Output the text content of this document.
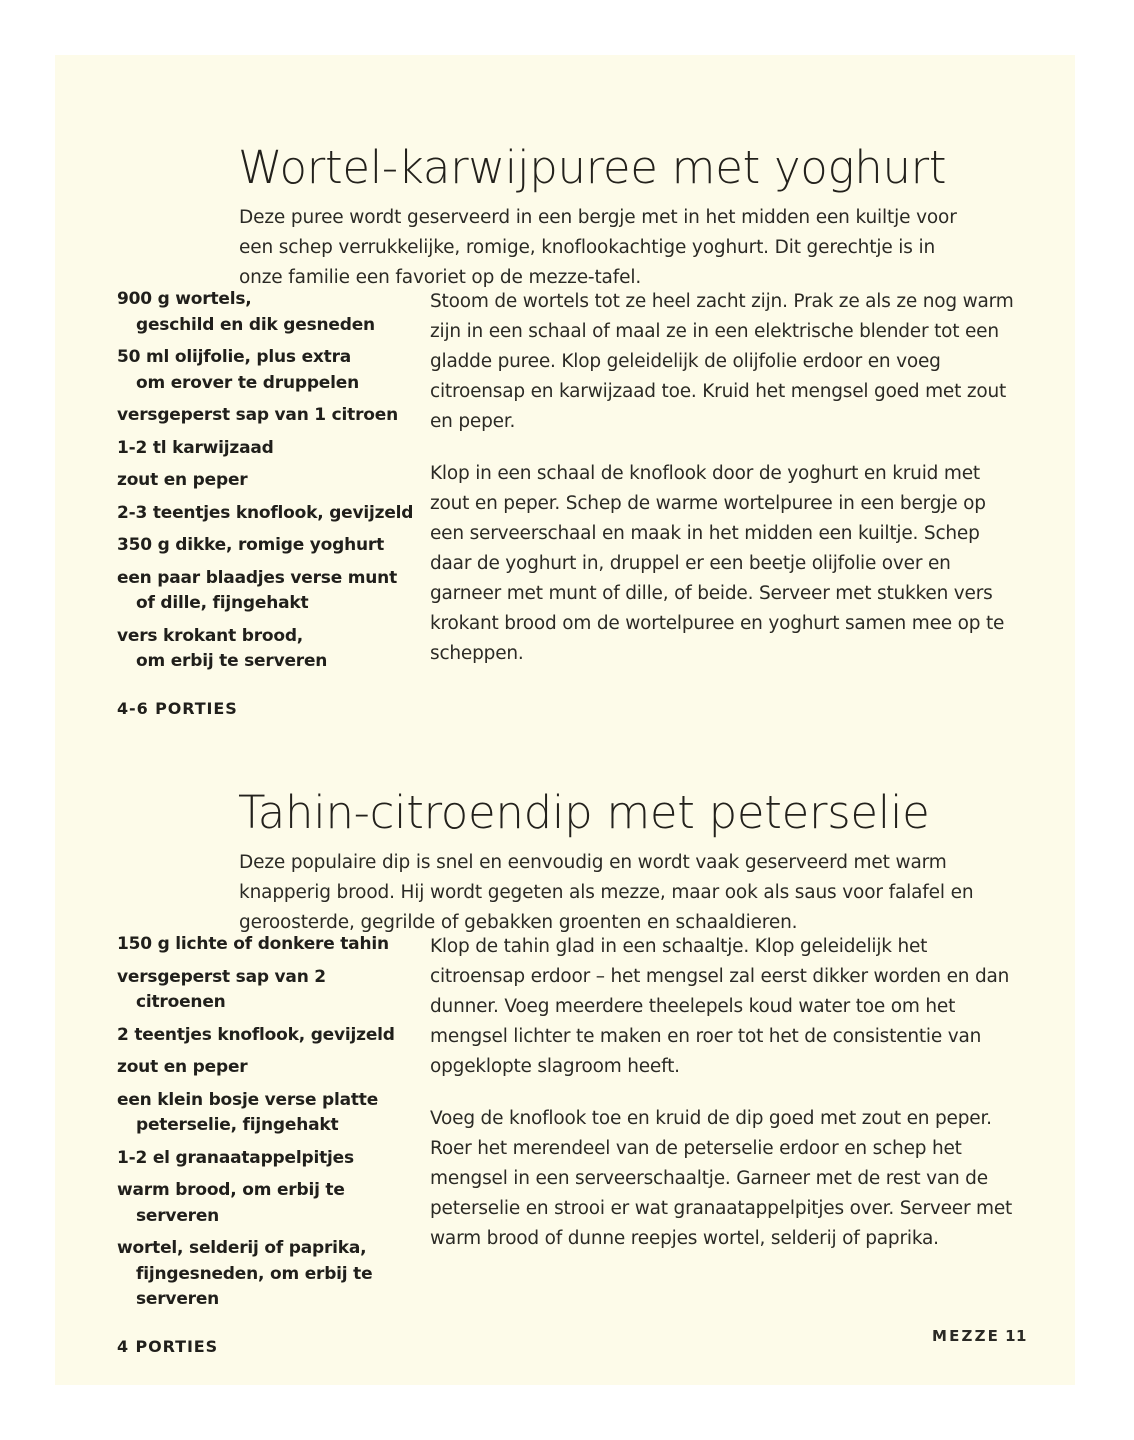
Wortel-karwijpuree met yoghurt

Deze puree wordt geserveerd in een bergje met in het midden een kuiltje voor een schep verrukkelijke, romige, knoflookachtige yoghurt. Dit gerechtje is in onze familie een favoriet op de mezze-tafel.

900 g wortels,
geschild en dik gesneden
50 ml olijfolie, plus extra
om erover te druppelen
versgeperst sap van 1 citroen
1-2 tl karwijzaad
zout en peper
2-3 teentjes knoflook, gevijzeld
350 g dikke, romige yoghurt
een paar blaadjes verse munt
of dille, fijngehakt
vers krokant brood,
om erbij te serveren
4-6 PORTIES

Stoom de wortels tot ze heel zacht zijn. Prak ze als ze nog warm zijn in een schaal of maal ze in een elektrische blender tot een gladde puree. Klop geleidelijk de olijfolie erdoor en voeg citroensap en karwijzaad toe. Kruid het mengsel goed met zout en peper.

Klop in een schaal de knoflook door de yoghurt en kruid met zout en peper. Schep de warme wortelpuree in een bergje op een serveerschaal en maak in het midden een kuiltje. Schep daar de yoghurt in, druppel er een beetje olijfolie over en garneer met munt of dille, of beide. Serveer met stukken vers krokant brood om de wortelpuree en yoghurt samen mee op te scheppen.

Tahin-citroendip met peterselie

Deze populaire dip is snel en eenvoudig en wordt vaak geserveerd met warm knapperig brood. Hij wordt gegeten als mezze, maar ook als saus voor falafel en geroosterde, gegrilde of gebakken groenten en schaaldieren.

150 g lichte of donkere tahin
versgeperst sap van 2 citroenen
2 teentjes knoflook, gevijzeld
zout en peper
een klein bosje verse platte
peterselie, fijngehakt
1-2 el granaatappelpitjes
warm brood, om erbij te serveren
wortel, selderij of paprika,
fijngesneden, om erbij te serveren
4 PORTIES

Klop de tahin glad in een schaaltje. Klop geleidelijk het citroensap erdoor – het mengsel zal eerst dikker worden en dan dunner. Voeg meerdere theelepels koud water toe om het mengsel lichter te maken en roer tot het de consistentie van opgeklopte slagroom heeft.

Voeg de knoflook toe en kruid de dip goed met zout en peper. Roer het merendeel van de peterselie erdoor en schep het mengsel in een serveerschaaltje. Garneer met de rest van de peterselie en strooi er wat granaatappelpitjes over. Serveer met warm brood of dunne reepjes wortel, selderij of paprika.

MEZZE 11
